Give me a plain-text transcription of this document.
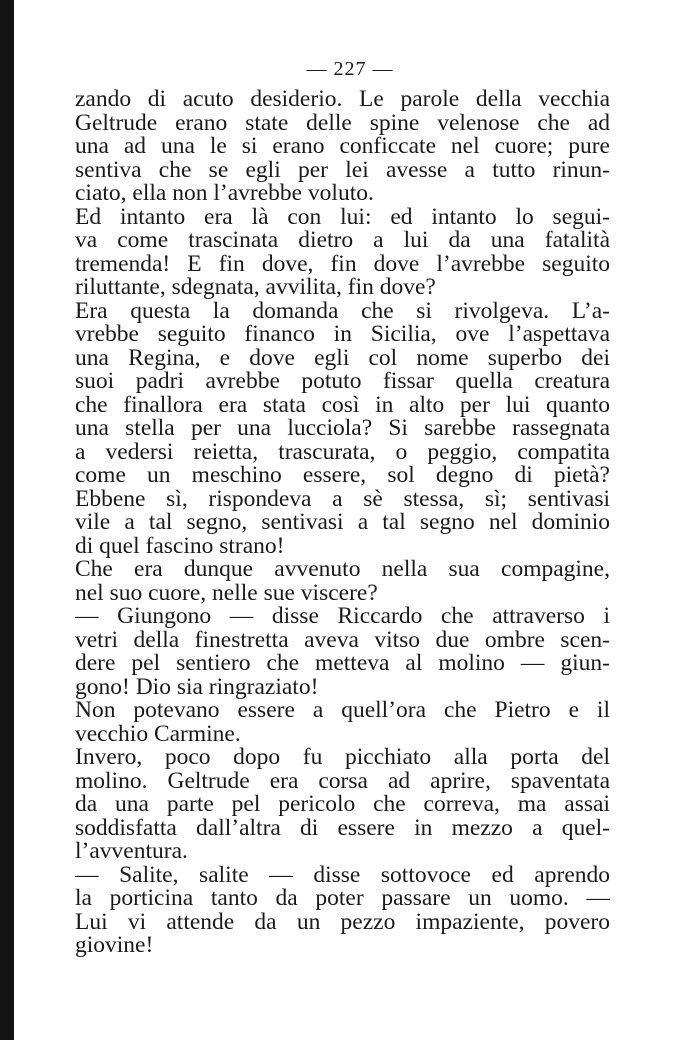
— 227 —
zando di acuto desiderio. Le parole della vecchia
Geltrude erano state delle spine velenose che ad
una ad una le si erano conficcate nel cuore; pure
sentiva che se egli per lei avesse a tutto rinun-
ciato, ella non l’avrebbe voluto.
Ed intanto era là con lui: ed intanto lo segui-
va come trascinata dietro a lui da una fatalità
tremenda! E fin dove, fin dove l’avrebbe seguito
riluttante, sdegnata, avvilita, fin dove?
Era questa la domanda che si rivolgeva. L’a-
vrebbe seguito financo in Sicilia, ove l’aspettava
una Regina, e dove egli col nome superbo dei
suoi padri avrebbe potuto fissar quella creatura
che finallora era stata così in alto per lui quanto
una stella per una lucciola? Si sarebbe rassegnata
a vedersi reietta, trascurata, o peggio, compatita
come un meschino essere, sol degno di pietà?
Ebbene sì, rispondeva a sè stessa, sì; sentivasi
vile a tal segno, sentivasi a tal segno nel dominio
di quel fascino strano!
Che era dunque avvenuto nella sua compagine,
nel suo cuore, nelle sue viscere?
— Giungono — disse Riccardo che attraverso i
vetri della finestretta aveva vitso due ombre scen-
dere pel sentiero che metteva al molino — giun-
gono! Dio sia ringraziato!
Non potevano essere a quell’ora che Pietro e il
vecchio Carmine.
Invero, poco dopo fu picchiato alla porta del
molino. Geltrude era corsa ad aprire, spaventata
da una parte pel pericolo che correva, ma assai
soddisfatta dall’altra di essere in mezzo a quel-
l’avventura.
— Salite, salite — disse sottovoce ed aprendo
la porticina tanto da poter passare un uomo. —
Lui vi attende da un pezzo impaziente, povero
giovine!
